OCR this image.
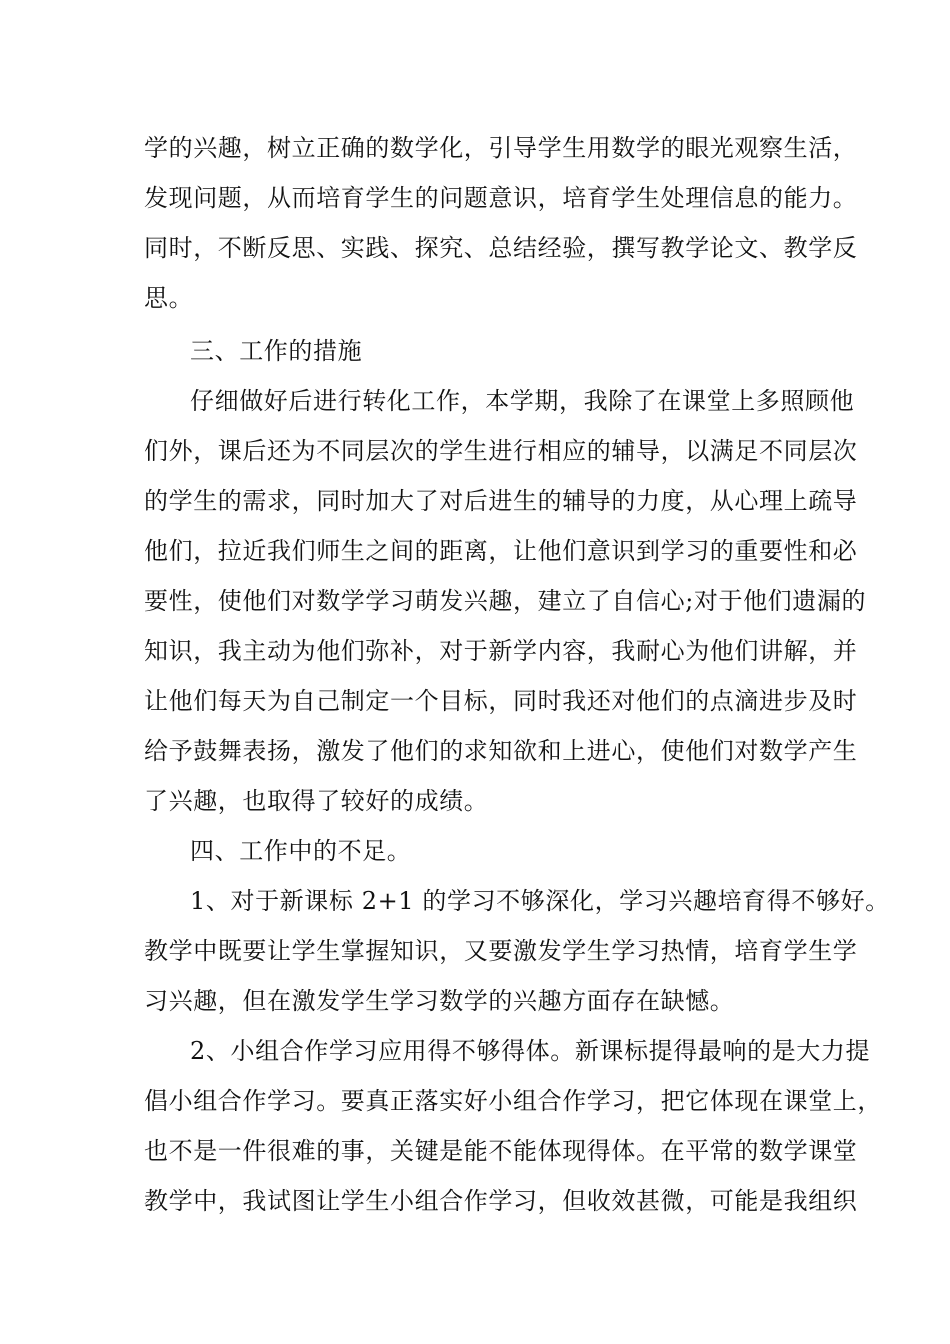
学的兴趣，树立正确的数学化，引导学生用数学的眼光观察生活，
发现问题，从而培育学生的问题意识，培育学生处理信息的能力。
同时，不断反思、实践、探究、总结经验，撰写教学论文、教学反
思。
三、工作的措施
仔细做好后进行转化工作，本学期，我除了在课堂上多照顾他
们外，课后还为不同层次的学生进行相应的辅导，以满足不同层次
的学生的需求，同时加大了对后进生的辅导的力度，从心理上疏导
他们，拉近我们师生之间的距离，让他们意识到学习的重要性和必
要性，使他们对数学学习萌发兴趣，建立了自信心;对于他们遗漏的
知识，我主动为他们弥补，对于新学内容，我耐心为他们讲解，并
让他们每天为自己制定一个目标，同时我还对他们的点滴进步及时
给予鼓舞表扬，激发了他们的求知欲和上进心，使他们对数学产生
了兴趣，也取得了较好的成绩。
四、工作中的不足。
1、对于新课标 2+1 的学习不够深化，学习兴趣培育得不够好。
教学中既要让学生掌握知识，又要激发学生学习热情，培育学生学
习兴趣，但在激发学生学习数学的兴趣方面存在缺憾。
2、小组合作学习应用得不够得体。新课标提得最响的是大力提
倡小组合作学习。要真正落实好小组合作学习，把它体现在课堂上，
也不是一件很难的事，关键是能不能体现得体。在平常的数学课堂
教学中，我试图让学生小组合作学习，但收效甚微，可能是我组织
